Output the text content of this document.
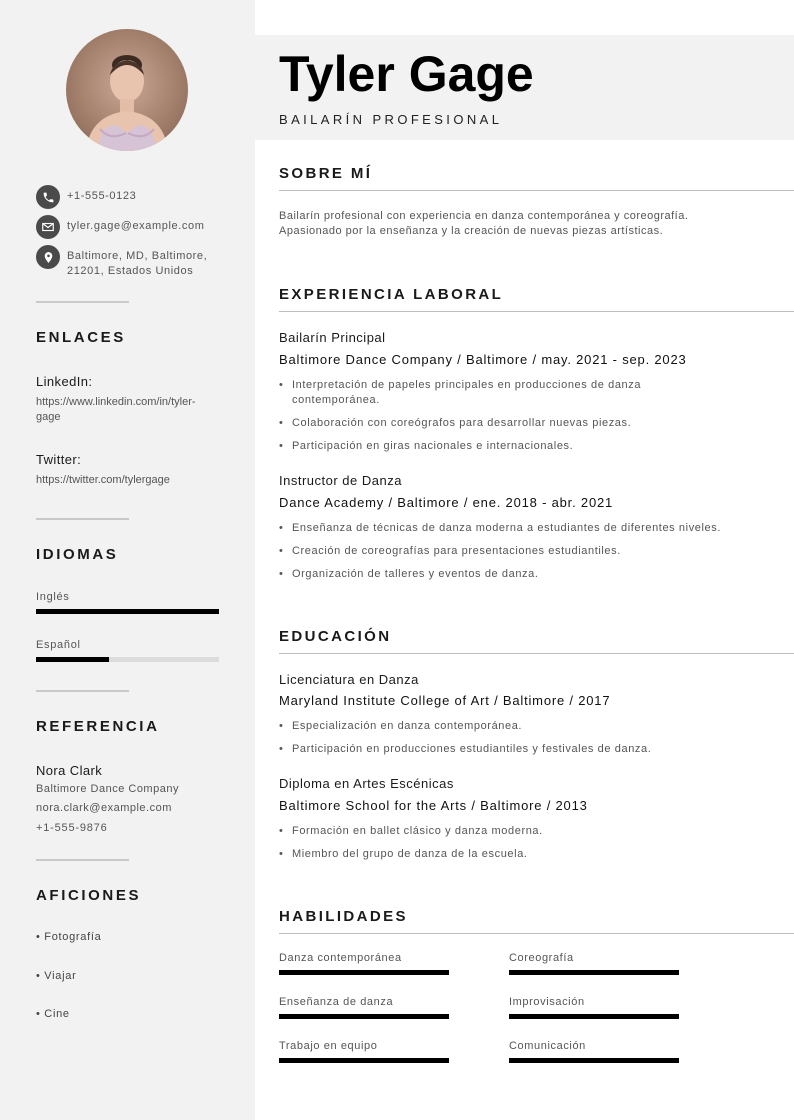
+1-555-0123
tyler.gage@example.com
Baltimore, MD, Baltimore,
21201, Estados Unidos
ENLACES
LinkedIn:
https://www.linkedin.com/in/tyler-
gage
Twitter:
https://twitter.com/tylergage
IDIOMAS
Inglés
Español
REFERENCIA
Nora Clark
Baltimore Dance Company
nora.clark@example.com
+1-555-9876
AFICIONES
• Fotografía
• Viajar
• Cine
Tyler Gage
BAILARÍN PROFESIONAL
SOBRE MÍ
Bailarín profesional con experiencia en danza contemporánea y coreografía.
Apasionado por la enseñanza y la creación de nuevas piezas artísticas.
EXPERIENCIA LABORAL
Bailarín Principal
Baltimore Dance Company / Baltimore / may. 2021 - sep. 2023
• Interpretación de papeles principales en producciones de danza contemporánea.
• Colaboración con coreógrafos para desarrollar nuevas piezas.
• Participación en giras nacionales e internacionales.
Instructor de Danza
Dance Academy / Baltimore / ene. 2018 - abr. 2021
• Enseñanza de técnicas de danza moderna a estudiantes de diferentes niveles.
• Creación de coreografías para presentaciones estudiantiles.
• Organización de talleres y eventos de danza.
EDUCACIÓN
Licenciatura en Danza
Maryland Institute College of Art / Baltimore / 2017
• Especialización en danza contemporánea.
• Participación en producciones estudiantiles y festivales de danza.
Diploma en Artes Escénicas
Baltimore School for the Arts / Baltimore / 2013
• Formación en ballet clásico y danza moderna.
• Miembro del grupo de danza de la escuela.
HABILIDADES
Danza contemporánea	Coreografía
Enseñanza de danza	Improvisación
Trabajo en equipo	Comunicación
